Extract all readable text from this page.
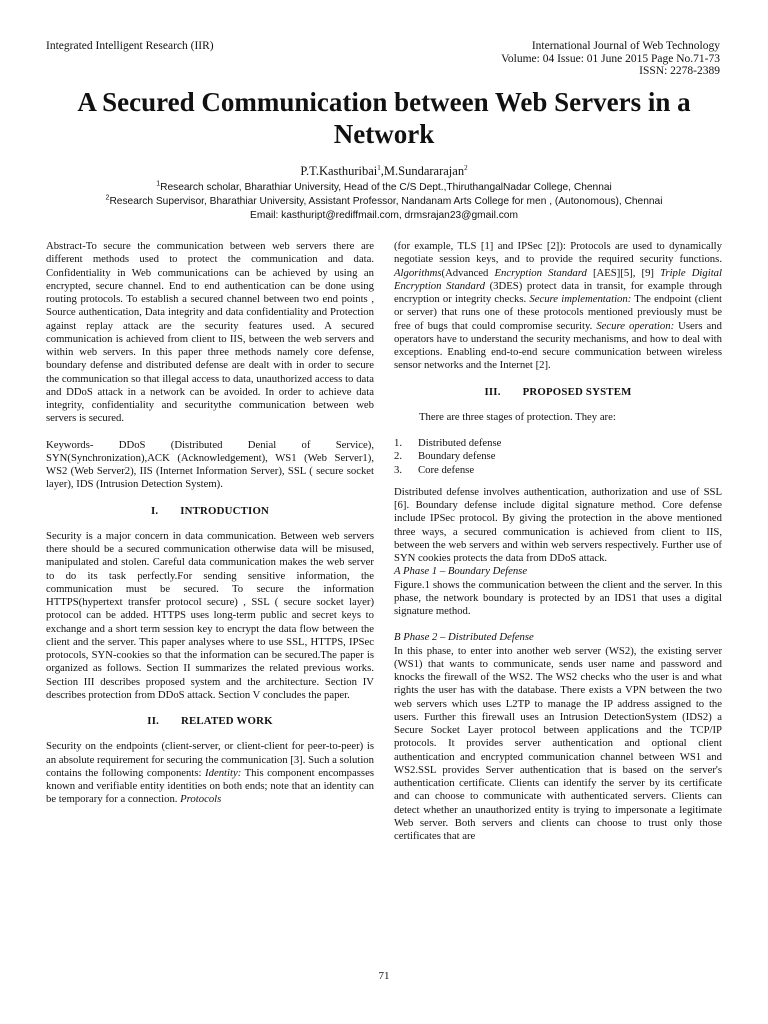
Integrated Intelligent Research (IIR)	International Journal of Web Technology
Volume: 04 Issue: 01 June 2015 Page No.71-73
ISSN: 2278-2389
A Secured Communication between Web Servers in a Network
P.T.Kasthuribai$^1$,M.Sundararajan$^2$
$^1$Research scholar, Bharathiar University, Head of the C/S Dept.,ThiruthangalNadar College, Chennai
$^2$Research Supervisor, Bharathiar University, Assistant Professor, Nandanam Arts College for men , (Autonomous), Chennai
Email: kasthuript@rediffmail.com, drmsrajan23@gmail.com

Abstract-To secure the communication between web servers there are different methods used to protect the communication and data. Confidentiality in Web communications can be achieved by using an encrypted, secure channel. End to end authentication can be done using routing protocols. To establish a secured channel between two end points , Source authentication, Data integrity and data confidentiality and Protection against replay attack are the security features used. A secured communication is achieved from client to IIS, between the web servers and within web servers. In this paper three methods namely core defense, boundary defense and distributed defense are dealt with in order to secure the communication so that illegal access to data, unauthorized access to data and DDoS attack in a network can be avoided. In order to achieve data integrity, confidentiality and securitythe communication between web servers is secured.

Keywords- DDoS (Distributed Denial of Service), SYN(Synchronization),ACK (Acknowledgement), WS1 (Web Server1), WS2 (Web Server2), IIS (Internet Information Server), SSL ( secure socket layer), IDS (Intrusion Detection System).

I. INTRODUCTION

Security is a major concern in data communication. Between web servers there should be a secured communication otherwise data will be misused, manipulated and stolen. Careful data communication makes the web server to do its task perfectly.For sending sensitive information, the communication must be secured. To secure the information HTTPS(hypertext transfer protocol secure) , SSL ( secure socket layer) protocol can be added. HTTPS uses long-term public and secret keys to exchange and a short term session key to encrypt the data flow between the client and the server. This paper analyses where to use SSL, HTTPS, IPSec protocols, SYN-cookies so that the information can be secured.The paper is organized as follows. Section II summarizes the related previous works. Section III describes proposed system and the architecture. Section IV describes protection from DDoS attack. Section V concludes the paper.

II. RELATED WORK

Security on the endpoints (client-server, or client-client for peer-to-peer) is an absolute requirement for securing the communication [3]. Such a solution contains the following components: Identity: This component encompasses known and verifiable entity identities on both ends; note that an identity can be temporary for a connection. Protocols

(for example, TLS [1] and IPSec [2]): Protocols are used to dynamically negotiate session keys, and to provide the required security functions. Algorithms(Advanced Encryption Standard [AES][5], [9] Triple Digital Encryption Standard (3DES) protect data in transit, for example through encryption or integrity checks. Secure implementation: The endpoint (client or server) that runs one of these protocols mentioned previously must be free of bugs that could compromise security. Secure operation: Users and operators have to understand the security mechanisms, and how to deal with exceptions. Enabling end-to-end secure communication between wireless sensor networks and the Internet [2].

III. PROPOSED SYSTEM

There are three stages of protection. They are:

1. Distributed defense
2. Boundary defense
3. Core defense

Distributed defense involves authentication, authorization and use of SSL [6]. Boundary defense include digital signature method. Core defense include IPSec protocol. By giving the protection in the above mentioned three ways, a secured communication is achieved from client to IIS, between the web servers and within web servers respectively. Further use of SYN cookies protects the data from DDoS attack.

A Phase 1 – Boundary Defense

Figure.1 shows the communication between the client and the server. In this phase, the network boundary is protected by an IDS1 that uses a digital signature method.

B Phase 2 – Distributed Defense

In this phase, to enter into another web server (WS2), the existing server (WS1) that wants to communicate, sends user name and password and knocks the firewall of the WS2. The WS2 checks who the user is and what rights the user has with the database. There exists a VPN between the two web servers which uses L2TP to manage the IP address assigned to the users. Further this firewall uses an Intrusion DetectionSystem (IDS2) a Secure Socket Layer protocol between applications and the TCP/IP protocols. It provides server authentication and optional client authentication and encrypted communication channel between WS1 and WS2.SSL provides Server authentication that is based on the server's authentication certificate. Clients can identify the server by its certificate and can choose to communicate with authenticated servers. Clients can detect whether an unauthorized entity is trying to impersonate a legitimate Web server. Both servers and clients can choose to trust only those certificates that are

71
